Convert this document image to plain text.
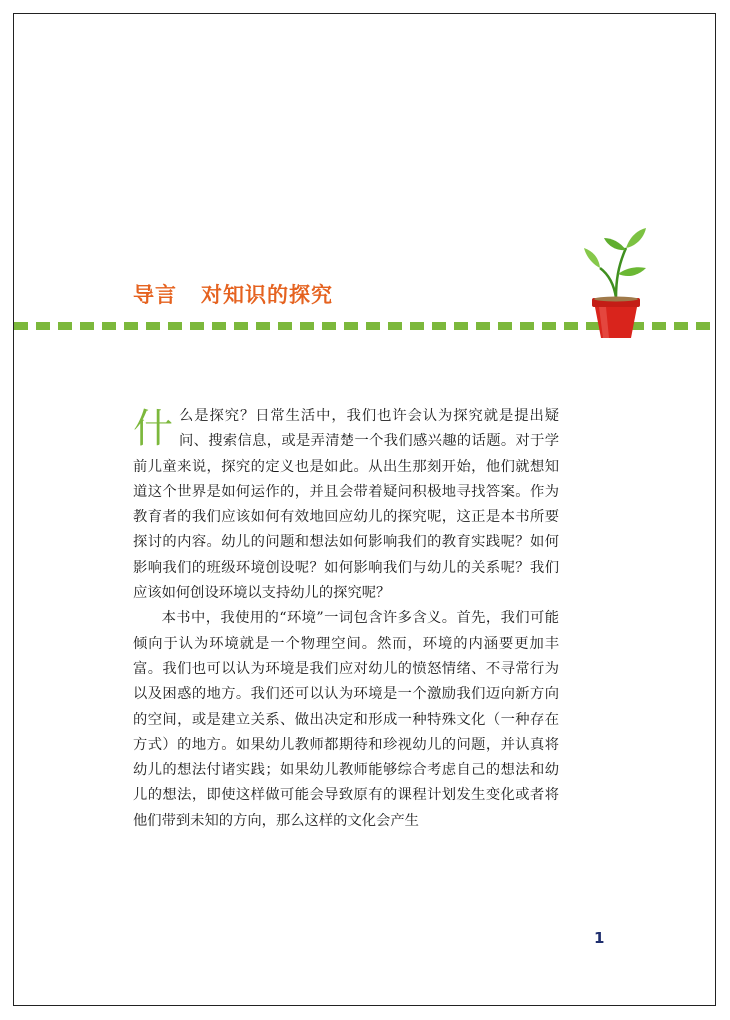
导言 对知识的探究

什么是探究？日常生活中，我们也许会认为探究就是提出疑问、搜索信息，或是弄清楚一个我们感兴趣的话题。对于学前儿童来说，探究的定义也是如此。从出生那刻开始，他们就想知道这个世界是如何运作的，并且会带着疑问积极地寻找答案。作为教育者的我们应该如何有效地回应幼儿的探究呢，这正是本书所要探讨的内容。幼儿的问题和想法如何影响我们的教育实践呢？如何影响我们的班级环境创设呢？如何影响我们与幼儿的关系呢？我们应该如何创设环境以支持幼儿的探究呢？

本书中，我使用的“环境”一词包含许多含义。首先，我们可能倾向于认为环境就是一个物理空间。然而，环境的内涵要更加丰富。我们也可以认为环境是我们应对幼儿的愤怒情绪、不寻常行为以及困惑的地方。我们还可以认为环境是一个激励我们迈向新方向的空间，或是建立关系、做出决定和形成一种特殊文化（一种存在方式）的地方。如果幼儿教师都期待和珍视幼儿的问题，并认真将幼儿的想法付诸实践；如果幼儿教师能够综合考虑自己的想法和幼儿的想法，即使这样做可能会导致原有的课程计划发生变化或者将他们带到未知的方向，那么这样的文化会产生

1
